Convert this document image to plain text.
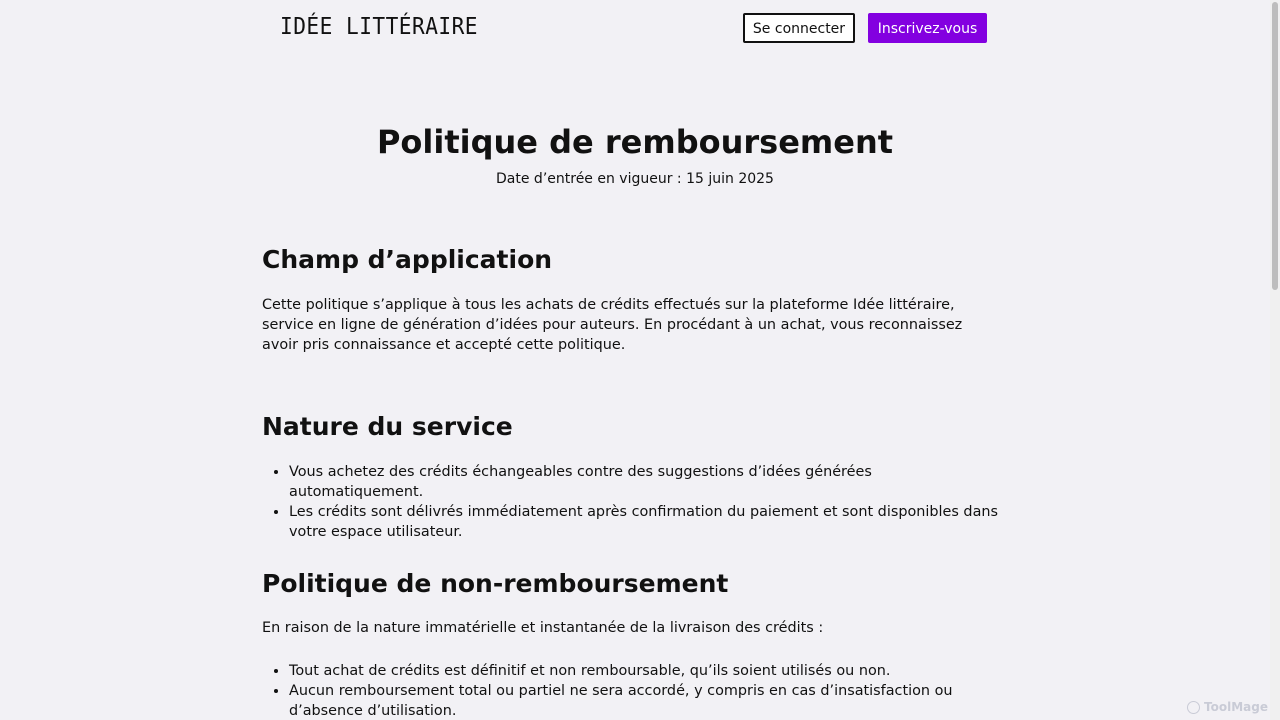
IDÉE LITTÉRAIRE	Se connecter	Inscrivez-vous
Politique de remboursement
Date d’entrée en vigueur : 15 juin 2025
Champ d’application

Cette politique s’applique à tous les achats de crédits effectués sur la plateforme Idée littéraire, service en ligne de génération d’idées pour auteurs. En procédant à un achat, vous reconnaissez avoir pris connaissance et accepté cette politique.

Nature du service
• Vous achetez des crédits échangeables contre des suggestions d’idées générées automatiquement.
• Les crédits sont délivrés immédiatement après confirmation du paiement et sont disponibles dans votre espace utilisateur.
Politique de non-remboursement

En raison de la nature immatérielle et instantanée de la livraison des crédits :

• Tout achat de crédits est définitif et non remboursable, qu’ils soient utilisés ou non.
• Aucun remboursement total ou partiel ne sera accordé, y compris en cas d’insatisfaction ou d’absence d’utilisation.	ToolMage
